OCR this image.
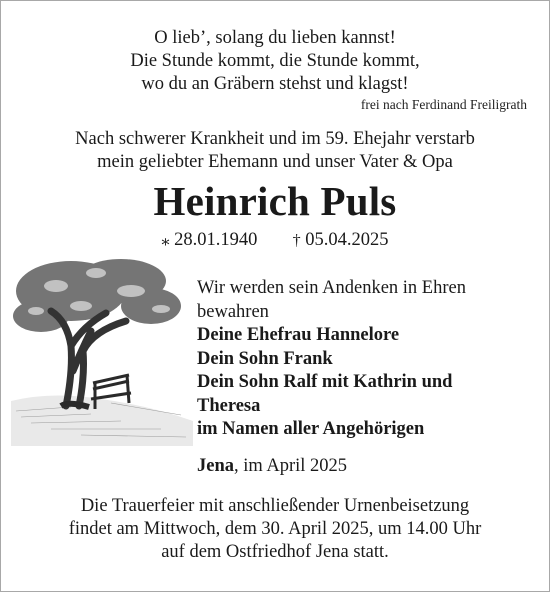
O lieb’, solang du lieben kannst!
Die Stunde kommt, die Stunde kommt,
wo du an Gräbern stehst und klagst!
frei nach Ferdinand Freiligrath
Nach schwerer Krankheit und im 59. Ehejahr verstarb
mein geliebter Ehemann und unser Vater & Opa
Heinrich Puls
⁎ 28.01.1940 † 05.04.2025
Wir werden sein Andenken in Ehren
bewahren
Deine Ehefrau Hannelore
Dein Sohn Frank
Dein Sohn Ralf mit Kathrin und
Theresa
im Namen aller Angehörigen
Jena, im April 2025
Die Trauerfeier mit anschließender Urnenbeisetzung
findet am Mittwoch, dem 30. April 2025, um 14.00 Uhr
auf dem Ostfriedhof Jena statt.
